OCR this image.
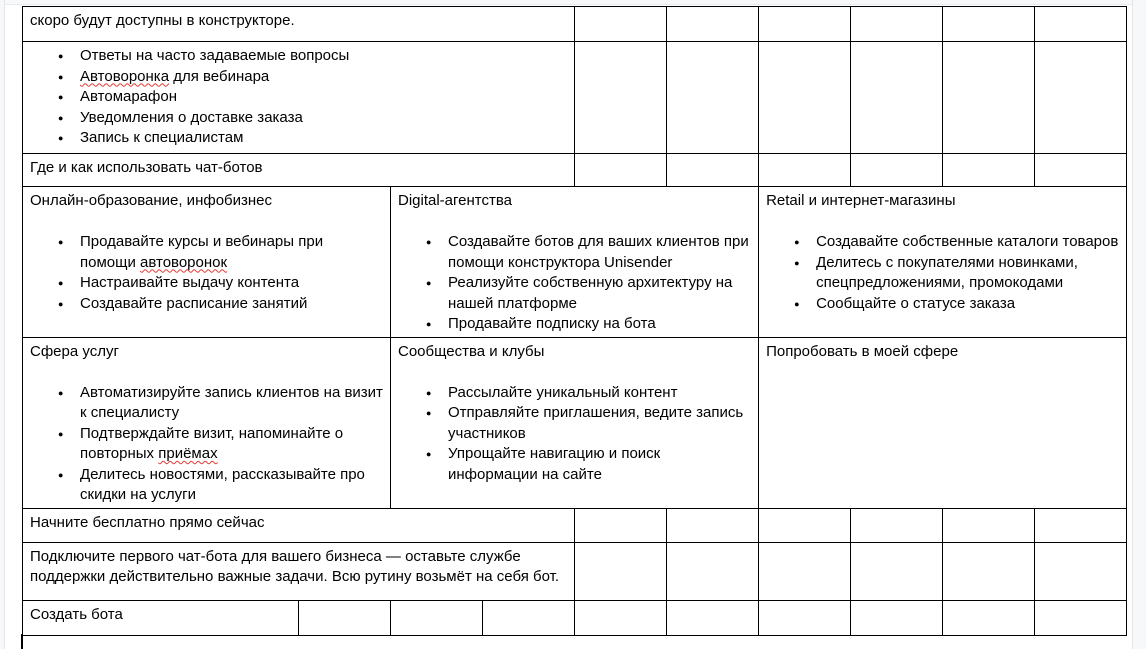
скоро будут доступны в конструкторе.									

● Ответы на часто задаваемые вопросы
● Автоворонка для вебинара
● Автомарафон
● Уведомления о доставке заказа
● Запись к специалистам

Где и как использовать чат-ботов									

Онлайн-образование, инфобизнес
● Продавайте курсы и вебинары при помощи автоворонок
● Настраивайте выдачу контента
● Создавайте расписание занятий

Digital-агентства
● Создавайте ботов для ваших клиентов при помощи конструктора Unisender
● Реализуйте собственную архитектуру на нашей платформе
● Продавайте подписку на бота

Retail и интернет-магазины
● Создавайте собственные каталоги товаров
● Делитесь с покупателями новинками, спецпредложениями, промокодами
● Сообщайте о статусе заказа

Сфера услуг
● Автоматизируйте запись клиентов на визит к специалисту
● Подтверждайте визит, напоминайте о повторных приёмах
● Делитесь новостями, рассказывайте про скидки на услуги

Сообщества и клубы
● Рассылайте уникальный контент
● Отправляйте приглашения, ведите запись участников
● Упрощайте навигацию и поиск информации на сайте

Попробовать в моей сфере

Начните бесплатно прямо сейчас									
Подключите первого чат-бота для вашего бизнеса — оставьте службе поддержки действительно важные задачи. Всю рутину возьмёт на себя бот.									
Создать бота									
